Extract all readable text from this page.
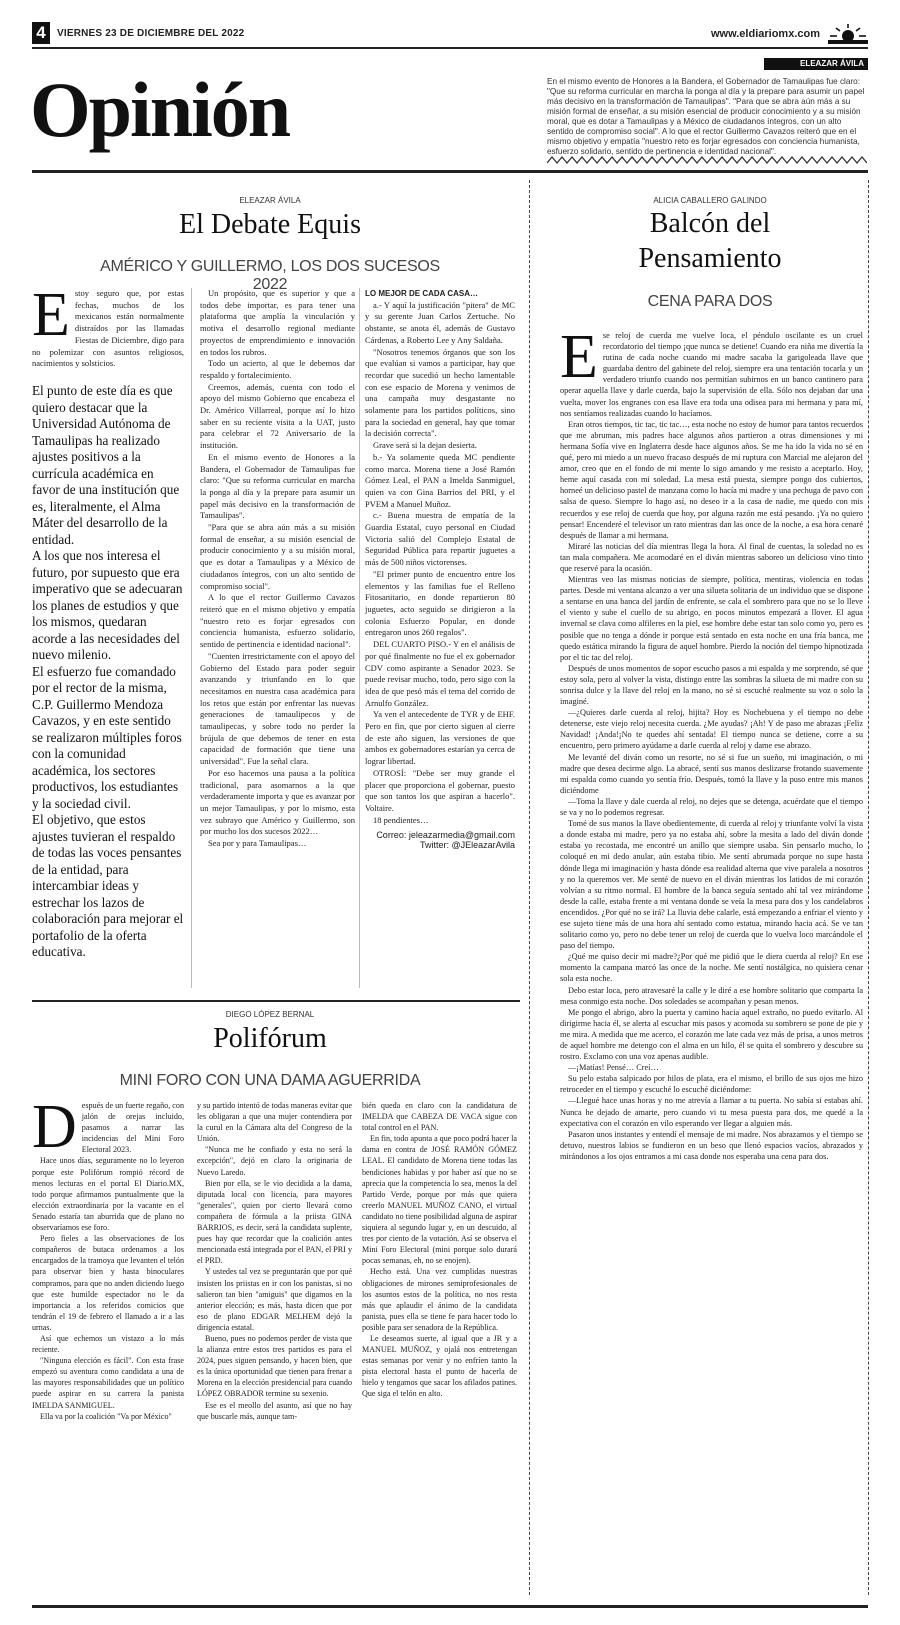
4	VIERNES 23 DE DICIEMBRE DEL 2022	www.eldiariomx.com
Opinión
ELEAZAR ÁVILA
En el mismo evento de Honores a la Bandera, el Gobernador de Tamaulipas fue claro: "Que su reforma curricular en marcha la ponga al día y la prepare para asumir un papel más decisivo en la transformación de Tamaulipas". "Para que se abra aún más a su misión formal de enseñar, a su misión esencial de producir conocimiento y a su misión moral, que es dotar a Tamaulipas y a México de ciudadanos íntegros, con un alto sentido de compromiso social". A lo que el rector Guillermo Cavazos reiteró que en el mismo objetivo y empatía "nuestro reto es forjar egresados con conciencia humanista, esfuerzo solidario, sentido de pertinencia e identidad nacional".
ELEAZAR ÁVILA
El Debate Equis
AMÉRICO Y GUILLERMO, LOS DOS SUCESOS 2022
E stoy seguro que, por estas fechas, muchos de los mexicanos están normalmente distraídos por las llamadas Fiestas de Diciembre, digo para no polemizar con asuntos religiosos, nacimientos y solsticios.

El punto de este día es que quiero destacar que la Universidad Autónoma de Tamaulipas ha realizado ajustes positivos a la currícula académica en favor de una institución que es, literalmente, el Alma Máter del desarrollo de la entidad.

A los que nos interesa el futuro, por supuesto que era imperativo que se adecuaran los planes de estudios y que los mismos, quedaran acorde a las necesidades del nuevo milenio.

El esfuerzo fue comandado por el rector de la misma, C.P. Guillermo Mendoza Cavazos, y en este sentido se realizaron múltiples foros con la comunidad académica, los sectores productivos, los estudiantes y la sociedad civil.

El objetivo, que estos ajustes tuvieran el respaldo de todas las voces pensantes de la entidad, para intercambiar ideas y estrechar los lazos de colaboración para mejorar el portafolio de la oferta educativa.

Un propósito, que es superior y que a todos debe importar, es para tener una plataforma que amplía la vinculación y motiva el desarrollo regional mediante proyectos de emprendimiento e innovación en todos los rubros.

Todo un acierto, al que le debemos dar respaldo y fortalecimiento.

Creemos, además, cuenta con todo el apoyo del mismo Gobierno que encabeza el Dr. Américo Villarreal, porque así lo hizo saber en su reciente visita a la UAT, justo para celebrar el 72 Aniversario de la institución.

En el mismo evento de Honores a la Bandera, el Gobernador de Tamaulipas fue claro: "Que su reforma curricular en marcha la ponga al día y la prepare para asumir un papel más decisivo en la transformación de Tamaulipas".

"Para que se abra aún más a su misión formal de enseñar, a su misión esencial de producir conocimiento y a su misión moral, que es dotar a Tamaulipas y a México de ciudadanos íntegros, con un alto sentido de compromiso social".

A lo que el rector Guillermo Cavazos reiteró que en el mismo objetivo y empatía "nuestro reto es forjar egresados con conciencia humanista, esfuerzo solidario, sentido de pertinencia e identidad nacional".

"Cuenten irrestrictamente con el apoyo del Gobierno del Estado para poder seguir avanzando y triunfando en lo que necesitamos en nuestra casa académica para los retos que están por enfrentar las nuevas generaciones de tamaulipecos y de tamaulipecas, y sobre todo no perder la brújula de que debemos de tener en esta capacidad de formación que tiene una universidad". Fue la señal clara.

Por eso hacemos una pausa a la política tradicional, para asomarnos a la que verdaderamente importa y que es avanzar por un mejor Tamaulipas, y por lo mismo, esta vez subrayo que Américo y Guillermo, son por mucho los dos sucesos 2022…

Sea por y para Tamaulipas…

LO MEJOR DE CADA CASA…

a.- Y aquí la justificación "pitera" de MC y su gerente Juan Carlos Zertuche. No obstante, se anota él, además de Gustavo Cárdenas, a Roberto Lee y Any Saldaña.

"Nosotros tenemos órganos que son los que evalúan si vamos a participar, hay que recordar que sucedió un hecho lamentable con ese espacio de Morena y venimos de una campaña muy desgastante no solamente para los partidos políticos, sino para la sociedad en general, hay que tomar la decisión correcta".

Grave será si la dejan desierta.

b.- Ya solamente queda MC pendiente como marca. Morena tiene a José Ramón Gómez Leal, el PAN a Imelda Sanmiguel, quien va con Gina Barrios del PRI, y el PVEM a Manuel Muñoz.

c.- Buena muestra de empatía de la Guardia Estatal, cuyo personal en Ciudad Victoria salió del Complejo Estatal de Seguridad Pública para repartir juguetes a más de 500 niños victorenses.

"El primer punto de encuentro entre los elementos y las familias fue el Relleno Fitosanitario, en donde repartieron 80 juguetes, acto seguido se dirigieron a la colonia Esfuerzo Popular, en donde entregaron unos 260 regalos".

DEL CUARTO PISO.- Y en el análisis de por qué finalmente no fue el ex gobernador CDV como aspirante a Senador 2023. Se puede revisar mucho, todo, pero sigo con la idea de que pesó más el tema del corrido de Arnulfo González.

Ya ven el antecedente de TYR y de EHF. Pero en fin, que por cierto siguen al cierre de este año siguen, las versiones de que ambos ex gobernadores estarían ya cerca de lograr libertad.

OTROSÍ: "Debe ser muy grande el placer que proporciona el gobernar, puesto que son tantos los que aspiran a hacerlo". Voltaire.

18 pendientes…

Correo: jeleazarmedia@gmail.com

Twitter: @JEleazarAvila

DIEGO LÓPEZ BERNAL
Polifórum
MINI FORO CON UNA DAMA AGUERRIDA
D espués de un fuerte regaño, con jalón de orejas incluido, pasamos a narrar las incidencias del Mini Foro Electoral 2023.

Hace unos días, seguramente no lo leyeron porque este Polifórum rompió récord de menos lecturas en el portal El Diario.MX, todo porque afirmamos puntualmente que la elección extraordinaria por la vacante en el Senado estaría tan aburrida que de plano no observaríamos ese foro.

Pero fieles a las observaciones de los compañeros de butaca ordenamos a los encargados de la tramoya que levanten el telón para observar bien y hasta binoculares compramos, para que no anden diciendo luego que este humilde espectador no le da importancia a los referidos comicios que tendrán el 19 de febrero el llamado a ir a las urnas.

Así que echemos un vistazo a lo más reciente.

"Ninguna elección es fácil". Con esta frase empezó su aventura como candidata a una de las mayores responsabilidades que un político puede aspirar en su carrera la panista IMELDA SANMIGUEL.

Ella va por la coalición "Va por México"

y su partido intentó de todas maneras evitar que les obligaran a que una mujer contendiera por la curul en la Cámara alta del Congreso de la Unión.

"Nunca me he confiado y esta no será la excepción", dejó en claro la originaria de Nuevo Laredo.

Bien por ella, se le vio decidida a la dama, diputada local con licencia, para mayores "generales", quien por cierto llevará como compañera de fórmula a la priista GINA BARRIOS, es decir, será la candidata suplente, pues hay que recordar que la coalición antes mencionada está integrada por el PAN, el PRI y el PRD.

Y ustedes tal vez se preguntarán que por qué insisten los priistas en ir con los panistas, si no salieron tan bien "amiguis" que digamos en la anterior elección; es más, hasta dicen que por eso de plano EDGAR MELHEM dejó la dirigencia estatal.

Bueno, pues no podemos perder de vista que la alianza entre estos tres partidos es para el 2024, pues siguen pensando, y hacen bien, que es la única oportunidad que tienen para frenar a Morena en la elección presidencial para cuando LÓPEZ OBRADOR termine su sexenio.

Ese es el meollo del asunto, así que no hay que buscarle más, aunque tam-

bién queda en claro con la candidatura de IMELDA que CABEZA DE VACA sigue con total control en el PAN.

En fin, todo apunta a que poco podrá hacer la dama en contra de JOSÉ RAMÓN GÓMEZ LEAL. El candidato de Morena tiene todas las bendiciones habidas y por haber así que no se aprecia que la competencia lo sea, menos la del Partido Verde, porque por más que quiera creerlo MANUEL MUÑOZ CANO, el virtual candidato no tiene posibilidad alguna de aspirar siquiera al segundo lugar y, en un descuido, al tres por ciento de la votación. Así se observa el Mini Foro Electoral (mini porque solo durará pocas semanas, eh, no se enojen).

Hecho está. Una vez cumplidas nuestras obligaciones de mirones semiprofesionales de los asuntos estos de la política, no nos resta más que aplaudir el ánimo de la candidata panista, pues ella se tiene fe para hacer todo lo posible para ser senadora de la República.

Le deseamos suerte, al igual que a JR y a MANUEL MUÑOZ, y ojalá nos entretengan estas semanas por venir y no enfríen tanto la pista electoral hasta el punto de hacerla de hielo y tengamos que sacar los afilados patines. Que siga el telón en alto.

ALICIA CABALLERO GALINDO
Balcón del
Pensamiento
CENA PARA DOS
E se reloj de cuerda me vuelve loca, el péndulo oscilante es un cruel recordatorio del tiempo ¡que nunca se detiene! Cuando era niña me divertía la rutina de cada noche cuando mi madre sacaba la garigoleada llave que guardaba dentro del gabinete del reloj, siempre era una tentación tocarla y un verdadero triunfo cuando nos permitían subirnos en un banco cantinero para operar aquella llave y darle cuerda, bajo la supervisión de ella. Sólo nos dejaban dar una vuelta, mover los engranes con esa llave era toda una odisea para mi hermana y para mí, nos sentíamos realizadas cuando lo hacíamos.

Eran otros tiempos, tic tac, tic tac…, esta noche no estoy de humor para tantos recuerdos que me abruman, mis padres hace algunos años partieron a otras dimensiones y mi hermana Sofía vive en Inglaterra desde hace algunos años. Se me ha ido la vida no sé en qué, pero mi miedo a un nuevo fracaso después de mi ruptura con Marcial me alejaron del amor, creo que en el fondo de mi mente lo sigo amando y me resisto a aceptarlo. Hoy, heme aquí casada con mi soledad. La mesa está puesta, siempre pongo dos cubiertos, horneé un delicioso pastel de manzana como lo hacía mi madre y una pechuga de pavo con salsa de queso. Siempre lo hago así, no deseo ir a la casa de nadie, me quedo con mis recuerdos y ese reloj de cuerda que hoy, por alguna razón me está pesando. ¡Ya no quiero pensar! Encenderé el televisor un rato mientras dan las once de la noche, a esa hora cenaré después de llamar a mi hermana.

Miraré las noticias del día mientras llega la hora. Al final de cuentas, la soledad no es tan mala compañera. Me acomodaré en el diván mientras saboreo un delicioso vino tinto que reservé para la ocasión.

Mientras veo las mismas noticias de siempre, política, mentiras, violencia en todas partes. Desde mi ventana alcanzo a ver una silueta solitaria de un individuo que se dispone a sentarse en una banca del jardín de enfrente, se cala el sombrero para que no se lo lleve el viento y sube el cuello de su abrigo, en pocos minutos empezará a llover. El agua invernal se clava como alfileres en la piel, ese hombre debe estar tan solo como yo, pero es posible que no tenga a dónde ir porque está sentado en esta noche en una fría banca, me quedo estática mirando la figura de aquel hombre. Pierdo la noción del tiempo hipnotizada por el tic tac del reloj.

Después de unos momentos de sopor escucho pasos a mi espalda y me sorprendo, sé que estoy sola, pero al volver la vista, distingo entre las sombras la silueta de mi madre con su sonrisa dulce y la llave del reloj en la mano, no sé si escuché realmente su voz o solo la imaginé.

—¿Quieres darle cuerda al reloj, hijita? Hoy es Nochebuena y el tiempo no debe detenerse, este viejo reloj necesita cuerda. ¿Me ayudas? ¡Ah! Y de paso me abrazas ¡Feliz Navidad! ¡Anda!¡No te quedes ahí sentada! El tiempo nunca se detiene, corre a su encuentro, pero primero ayúdame a darle cuerda al reloj y dame ese abrazo.

Me levanté del diván como un resorte, no sé si fue un sueño, mi imaginación, o mi madre que desea decirme algo. La abracé, sentí sus manos deslizarse frotando suavemente mi espalda como cuando yo sentía frío. Después, tomó la llave y la puso entre mis manos diciéndome

—Toma la llave y dale cuerda al reloj, no dejes que se detenga, acuérdate que el tiempo se va y no lo podemos regresar.

Tomé de sus manos la llave obedientemente, di cuerda al reloj y triunfante volví la vista a donde estaba mi madre, pero ya no estaba ahí, sobre la mesita a lado del diván donde estaba yo recostada, me encontré un anillo que siempre usaba. Sin pensarlo mucho, lo coloqué en mi dedo anular, aún estaba tibio. Me sentí abrumada porque no supe hasta dónde llega mi imaginación y hasta dónde esa realidad alterna que vive paralela a nosotros y no la queremos ver. Me senté de nuevo en el diván mientras los latidos de mi corazón volvían a su ritmo normal. El hombre de la banca seguía sentado ahí tal vez mirándome desde la calle, estaba frente a mi ventana donde se veía la mesa para dos y los candelabros encendidos. ¿Por qué no se irá? La lluvia debe calarle, está empezando a enfriar el viento y ese sujeto tiene más de una hora ahí sentado como estatua, mirando hacia acá. Se ve tan solitario como yo, pero no debe tener un reloj de cuerda que lo vuelva loco marcándole el paso del tiempo.

¿Qué me quiso decir mi madre?¿Por qué me pidió que le diera cuerda al reloj? En ese momento la campana marcó las once de la noche. Me sentí nostálgica, no quisiera cenar sola esta noche.

Debo estar loca, pero atravesaré la calle y le diré a ese hombre solitario que comparta la mesa conmigo esta noche. Dos soledades se acompañan y pesan menos.

Me pongo el abrigo, abro la puerta y camino hacia aquel extraño, no puedo evitarlo. Al dirigirme hacia él, se alerta al escuchar mis pasos y acomoda su sombrero se pone de pie y me mira. A medida que me acerco, el corazón me late cada vez más de prisa, a unos metros de aquel hombre me detengo con el alma en un hilo, él se quita el sombrero y descubre su rostro. Exclamo con una voz apenas audible.

—¡Matías! Pensé… Creí…

Su pelo estaba salpicado por hilos de plata, era el mismo, el brillo de sus ojos me hizo retroceder en el tiempo y escuché lo escuché diciéndome:

—Llegué hace unas horas y no me atrevía a llamar a tu puerta. No sabía si estabas ahí. Nunca he dejado de amarte, pero cuando vi tu mesa puesta para dos, me quedé a la expectativa con el corazón en vilo esperando ver llegar a alguien más.

Pasaron unos instantes y entendí el mensaje de mi madre. Nos abrazamos y el tiempo se detuvo, nuestros labios se fundieron en un beso que llenó espacios vacíos, abrazados y mirándonos a los ojos entramos a mi casa donde nos esperaba una cena para dos.
